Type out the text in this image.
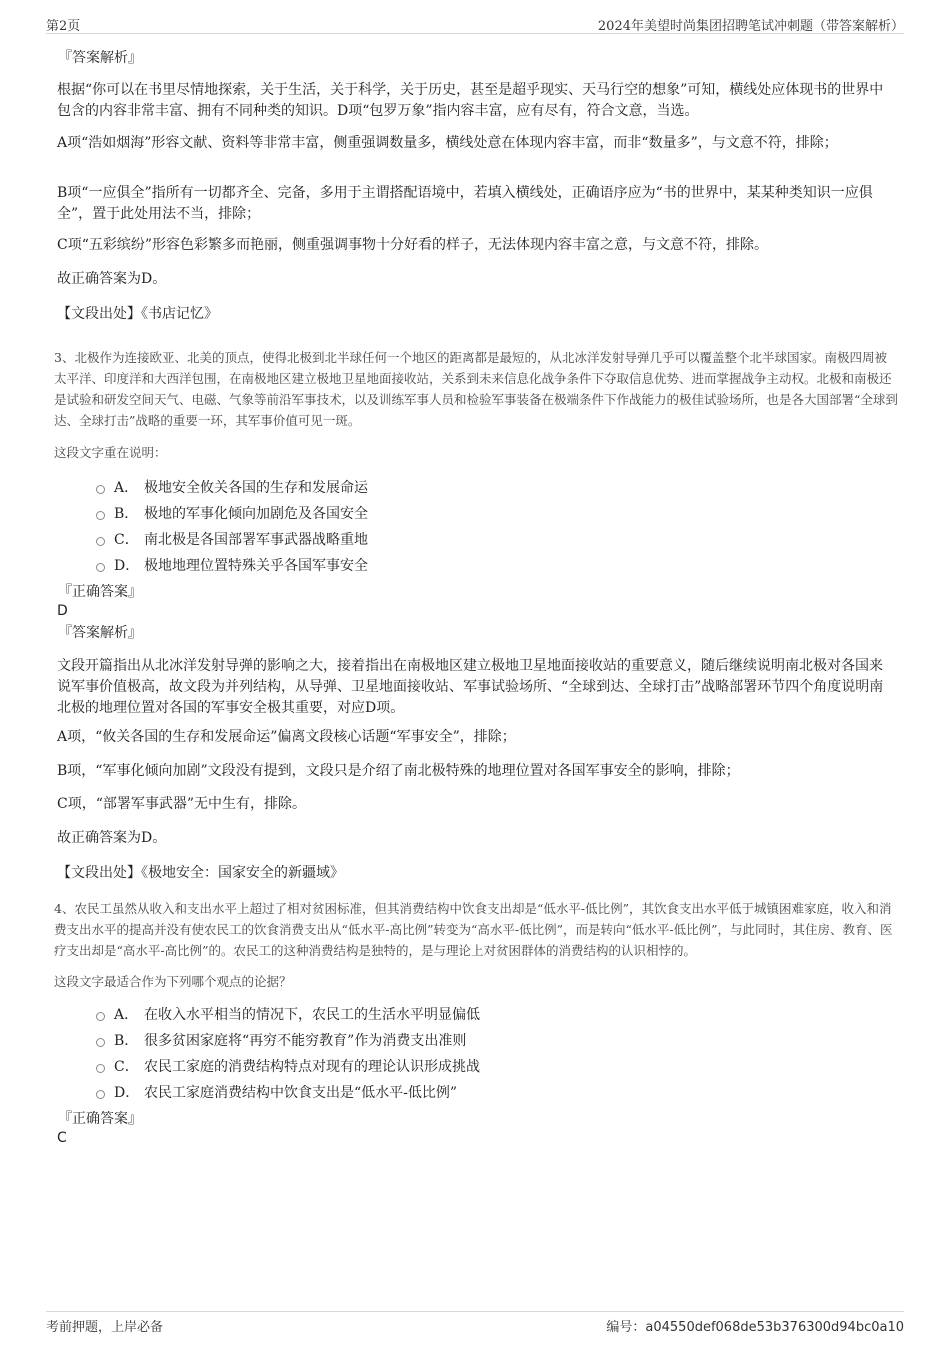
第2页	2024年美望时尚集团招聘笔试冲刺题（带答案解析）
『答案解析』
根据“你可以在书里尽情地探索，关于生活，关于科学，关于历史，甚至是超乎现实、天马行空的想象”可知，横线处应体现书的世界中包含的内容非常丰富、拥有不同种类的知识。D项“包罗万象”指内容丰富，应有尽有，符合文意，当选。
A项“浩如烟海”形容文献、资料等非常丰富，侧重强调数量多，横线处意在体现内容丰富，而非“数量多”，与文意不符，排除；
B项“一应俱全”指所有一切都齐全、完备，多用于主谓搭配语境中，若填入横线处，正确语序应为“书的世界中，某某种类知识一应俱全”，置于此处用法不当，排除；
C项“五彩缤纷”形容色彩繁多而艳丽，侧重强调事物十分好看的样子，无法体现内容丰富之意，与文意不符，排除。
故正确答案为D。
【文段出处】《书店记忆》
3、北极作为连接欧亚、北美的顶点，使得北极到北半球任何一个地区的距离都是最短的，从北冰洋发射导弹几乎可以覆盖整个北半球国家。南极四周被太平洋、印度洋和大西洋包围，在南极地区建立极地卫星地面接收站，关系到未来信息化战争条件下夺取信息优势、进而掌握战争主动权。北极和南极还是试验和研发空间天气、电磁、气象等前沿军事技术，以及训练军事人员和检验军事装备在极端条件下作战能力的极佳试验场所，也是各大国部署“全球到达、全球打击”战略的重要一环，其军事价值可见一斑。
这段文字重在说明：
A． 极地安全攸关各国的生存和发展命运
B． 极地的军事化倾向加剧危及各国安全
C． 南北极是各国部署军事武器战略重地
D． 极地地理位置特殊关乎各国军事安全
『正确答案』
D
『答案解析』
文段开篇指出从北冰洋发射导弹的影响之大，接着指出在南极地区建立极地卫星地面接收站的重要意义，随后继续说明南北极对各国来说军事价值极高，故文段为并列结构，从导弹、卫星地面接收站、军事试验场所、“全球到达、全球打击”战略部署环节四个角度说明南北极的地理位置对各国的军事安全极其重要，对应D项。
A项，“攸关各国的生存和发展命运”偏离文段核心话题“军事安全”，排除；
B项，“军事化倾向加剧”文段没有提到，文段只是介绍了南北极特殊的地理位置对各国军事安全的影响，排除；
C项，“部署军事武器”无中生有，排除。
故正确答案为D。
【文段出处】《极地安全：国家安全的新疆域》
4、农民工虽然从收入和支出水平上超过了相对贫困标准，但其消费结构中饮食支出却是“低水平-低比例”，其饮食支出水平低于城镇困难家庭，收入和消费支出水平的提高并没有使农民工的饮食消费支出从“低水平-高比例”转变为“高水平-低比例”，而是转向“低水平-低比例”，与此同时，其住房、教育、医疗支出却是“高水平-高比例”的。农民工的这种消费结构是独特的，是与理论上对贫困群体的消费结构的认识相悖的。
这段文字最适合作为下列哪个观点的论据？
A． 在收入水平相当的情况下，农民工的生活水平明显偏低
B． 很多贫困家庭将“再穷不能穷教育”作为消费支出准则
C． 农民工家庭的消费结构特点对现有的理论认识形成挑战
D． 农民工家庭消费结构中饮食支出是“低水平-低比例”
『正确答案』
C
考前押题，上岸必备	编号：a04550def068de53b376300d94bc0a10
